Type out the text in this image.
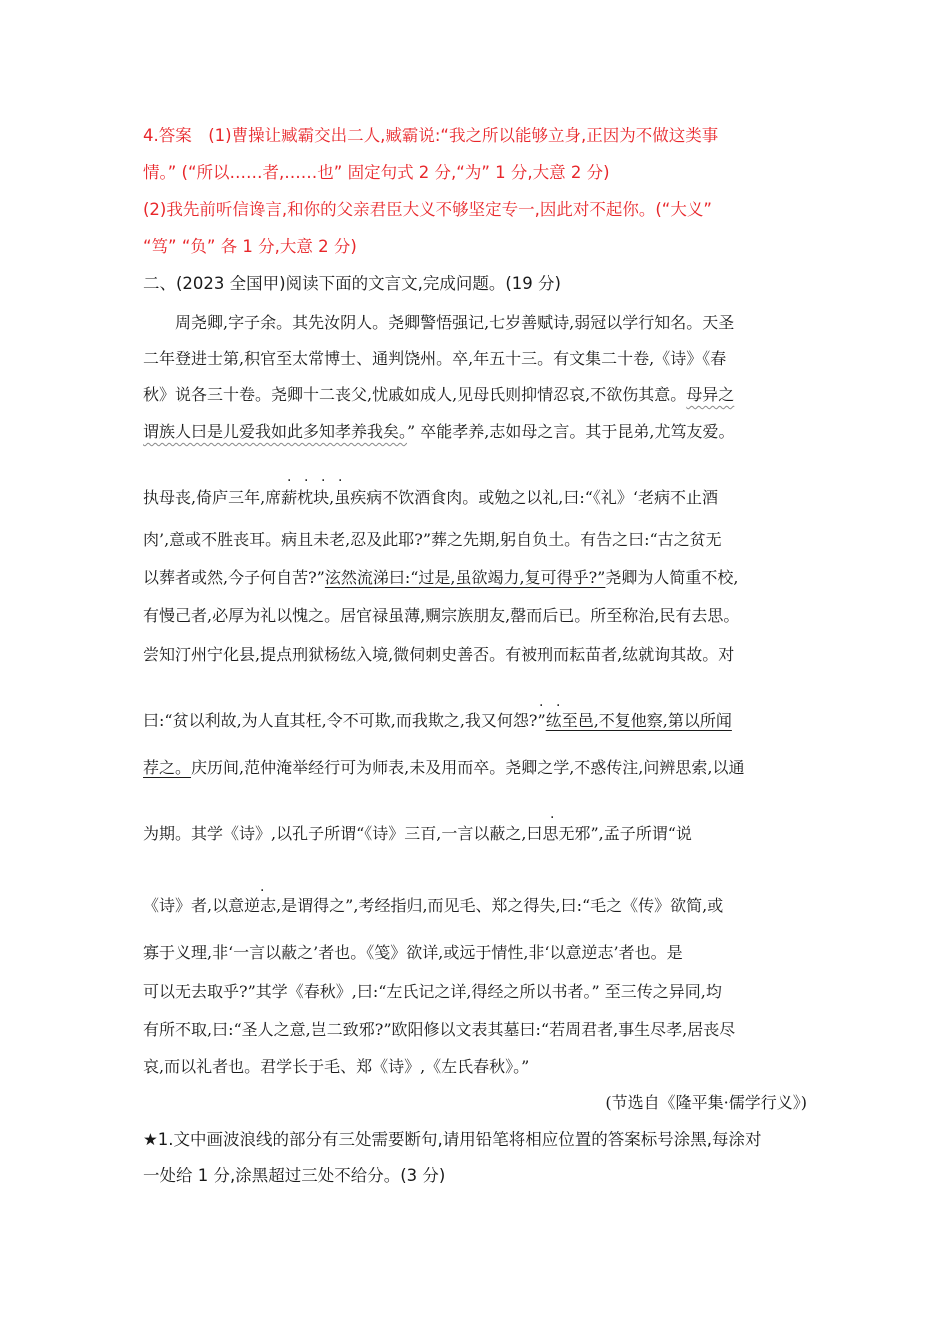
4.答案　(1)曹操让臧霸交出二人,臧霸说:“我之所以能够立身,正因为不做这类事
情。” (“所以……者,……也” 固定句式 2 分,“为” 1 分,大意 2 分)
(2)我先前听信谗言,和你的父亲君臣大义不够坚定专一,因此对不起你。(“大义”
“笃” “负” 各 1 分,大意 2 分)
二、(2023 全国甲)阅读下面的文言文,完成问题。(19 分)
　　周尧卿,字子余。其先汝阴人。尧卿警悟强记,七岁善赋诗,弱冠以学行知名。天圣
二年登进士第,积官至太常博士、通判饶州。卒,年五十三。有文集二十卷,《诗》《春
秋》说各三十卷。尧卿十二丧父,忧戚如成人,见母氏则抑情忍哀,不欲伤其意。母异之
谓族人曰是儿爱我如此多知孝养我矣。” 卒能孝养,志如母之言。其于昆弟,尤笃友爱。
· · · ·
执母丧,倚庐三年,席薪枕块,虽疾病不饮酒食肉。或勉之以礼,曰:“《礼》‘老病不止酒
肉’,意或不胜丧耳。病且未老,忍及此耶?”葬之先期,躬自负土。有告之曰:“古之贫无
以葬者或然,今子何自苦?”泫然流涕曰:“过是,虽欲竭力,复可得乎?”尧卿为人简重不校,
有慢己者,必厚为礼以愧之。居官禄虽薄,赒宗族朋友,罄而后已。所至称治,民有去思。
尝知汀州宁化县,提点刑狱杨纮入境,微伺刺史善否。有被刑而耘苗者,纮就询其故。对
· ·
曰:“贫以利故,为人直其枉,令不可欺,而我欺之,我又何怨?”纮至邑,不复他察,第以所闻
荐之。庆历间,范仲淹举经行可为师表,未及用而卒。尧卿之学,不惑传注,问辨思索,以通
·
为期。其学《诗》,以孔子所谓“《诗》三百,一言以蔽之,曰思无邪”,孟子所谓“说
·
《诗》者,以意逆志,是谓得之”,考经指归,而见毛、郑之得失,曰:“毛之《传》欲简,或
寡于义理,非‘一言以蔽之’者也。《笺》欲详,或远于情性,非‘以意逆志’者也。是
可以无去取乎?”其学《春秋》,曰:“左氏记之详,得经之所以书者。” 至三传之异同,均
有所不取,曰:“圣人之意,岂二致邪?”欧阳修以文表其墓曰:“若周君者,事生尽孝,居丧尽
哀,而以礼者也。君学长于毛、郑《诗》,《左氏春秋》。”
(节选自《隆平集·儒学行义》)
★1.文中画波浪线的部分有三处需要断句,请用铅笔将相应位置的答案标号涂黑,每涂对
一处给 1 分,涂黑超过三处不给分。(3 分)
